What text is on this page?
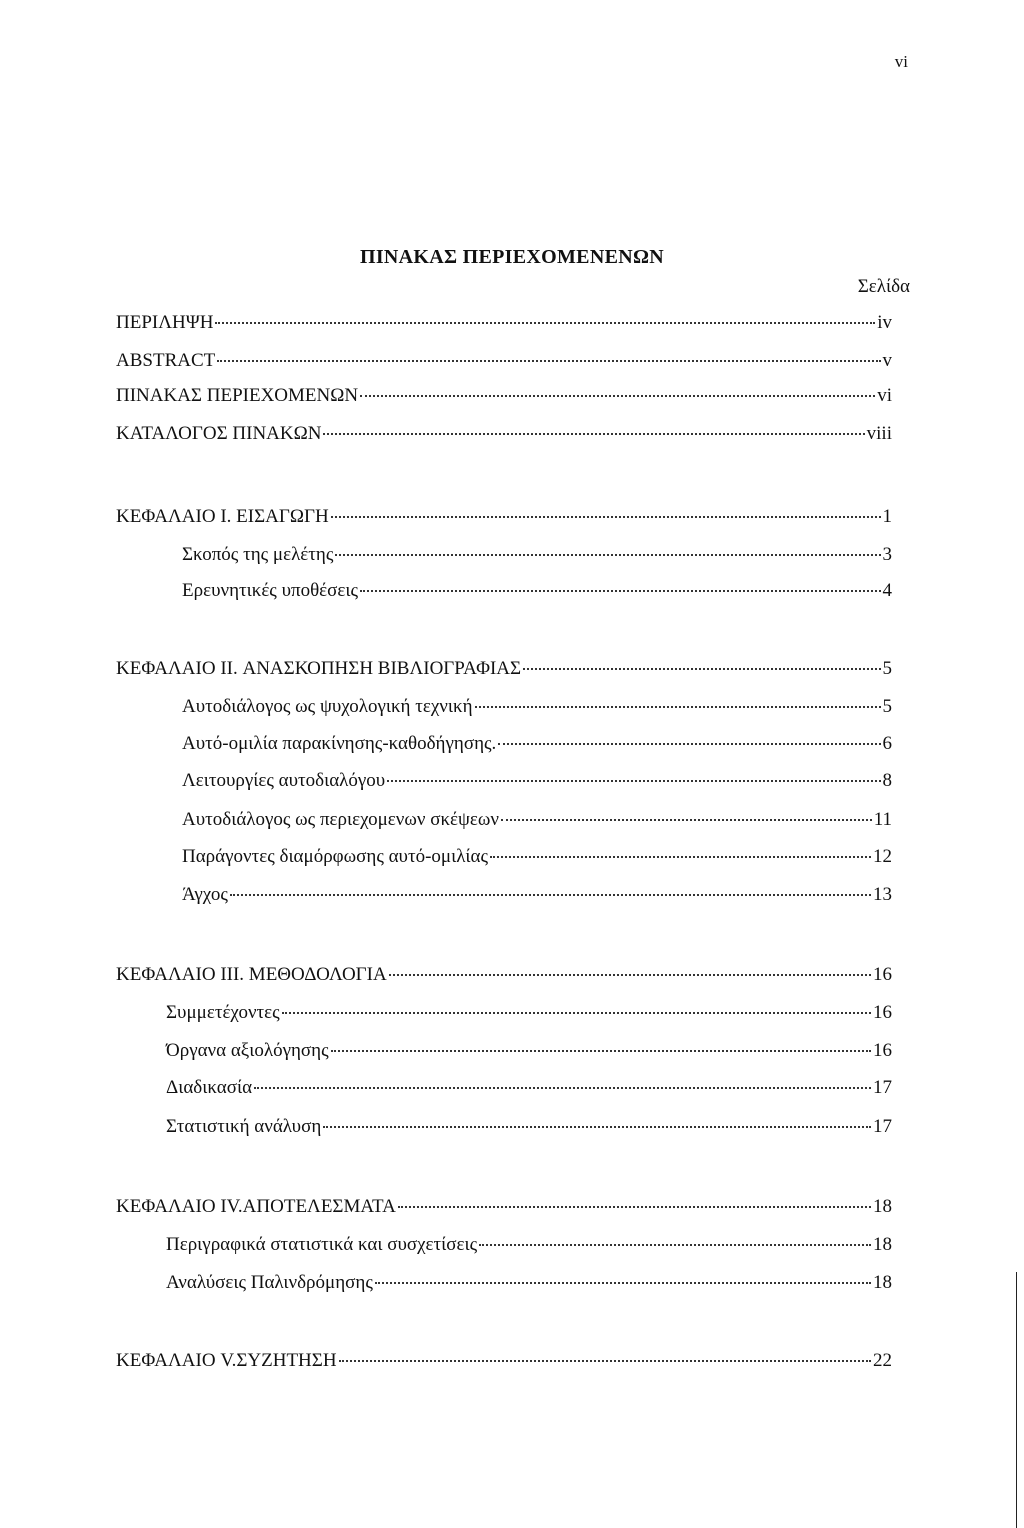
vi
ΠΙΝΑΚΑΣ ΠΕΡΙΕΧΟΜΕΝΕΝΩΝ
Σελίδα
ΠΕΡΙΛΗΨΗ	iv
ABSTRACT	v
ΠΙΝΑΚΑΣ ΠΕΡΙΕΧΟΜΕΝΩΝ	vi
ΚΑΤΑΛΟΓΟΣ ΠΙΝΑΚΩΝ	viii
ΚΕΦΑΛΑΙΟ I. ΕΙΣΑΓΩΓΗ	1
Σκοπός της μελέτης	3
Ερευνητικές υποθέσεις	4
ΚΕΦΑΛΑΙΟ II. ΑΝΑΣΚΟΠΗΣΗ ΒΙΒΛΙΟΓΡΑΦΙΑΣ	5
Αυτοδιάλογος ως ψυχολογική τεχνική	5
Αυτό-ομιλία παρακίνησης-καθοδήγησης.	6
Λειτουργίες αυτοδιαλόγου	8
Αυτοδιάλογος ως περιεχομενων σκέψεων	11
Παράγοντες διαμόρφωσης αυτό-ομιλίας	12
Άγχος	13
ΚΕΦΑΛΑΙΟ III. ΜΕΘΟΔΟΛΟΓΙΑ	16
Συμμετέχοντες	16
Όργανα αξιολόγησης	16
Διαδικασία	17
Στατιστική ανάλυση	17
ΚΕΦΑΛΑΙΟ IV.ΑΠΟΤΕΛΕΣΜΑΤΑ	18
Περιγραφικά στατιστικά και συσχετίσεις	18
Αναλύσεις Παλινδρόμησης	18
ΚΕΦΑΛΑΙΟ V.ΣΥΖΗΤΗΣΗ	22
